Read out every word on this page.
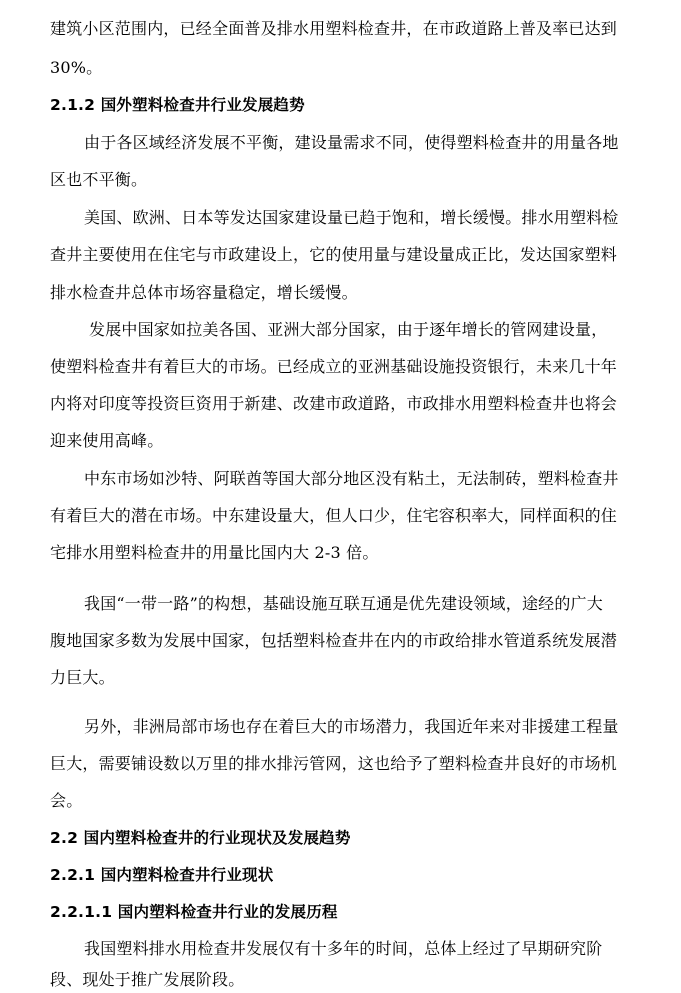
建筑小区范围内，已经全面普及排水用塑料检查井，在市政道路上普及率已达到
30%。
2.1.2 国外塑料检查井行业发展趋势
由于各区域经济发展不平衡，建设量需求不同，使得塑料检查井的用量各地
区也不平衡。
美国、欧洲、日本等发达国家建设量已趋于饱和，增长缓慢。排水用塑料检
查井主要使用在住宅与市政建设上，它的使用量与建设量成正比，发达国家塑料
排水检查井总体市场容量稳定，增长缓慢。
发展中国家如拉美各国、亚洲大部分国家，由于逐年增长的管网建设量，
使塑料检查井有着巨大的市场。已经成立的亚洲基础设施投资银行，未来几十年
内将对印度等投资巨资用于新建、改建市政道路，市政排水用塑料检查井也将会
迎来使用高峰。
中东市场如沙特、阿联酋等国大部分地区没有粘土，无法制砖，塑料检查井
有着巨大的潜在市场。中东建设量大，但人口少，住宅容积率大，同样面积的住
宅排水用塑料检查井的用量比国内大 2-3 倍。
我国“一带一路”的构想，基础设施互联互通是优先建设领域，途经的广大
腹地国家多数为发展中国家，包括塑料检查井在内的市政给排水管道系统发展潜
力巨大。
另外，非洲局部市场也存在着巨大的市场潜力，我国近年来对非援建工程量
巨大，需要铺设数以万里的排水排污管网，这也给予了塑料检查井良好的市场机
会。
2.2 国内塑料检查井的行业现状及发展趋势
2.2.1 国内塑料检查井行业现状
2.2.1.1 国内塑料检查井行业的发展历程
我国塑料排水用检查井发展仅有十多年的时间，总体上经过了早期研究阶
段、现处于推广发展阶段。
